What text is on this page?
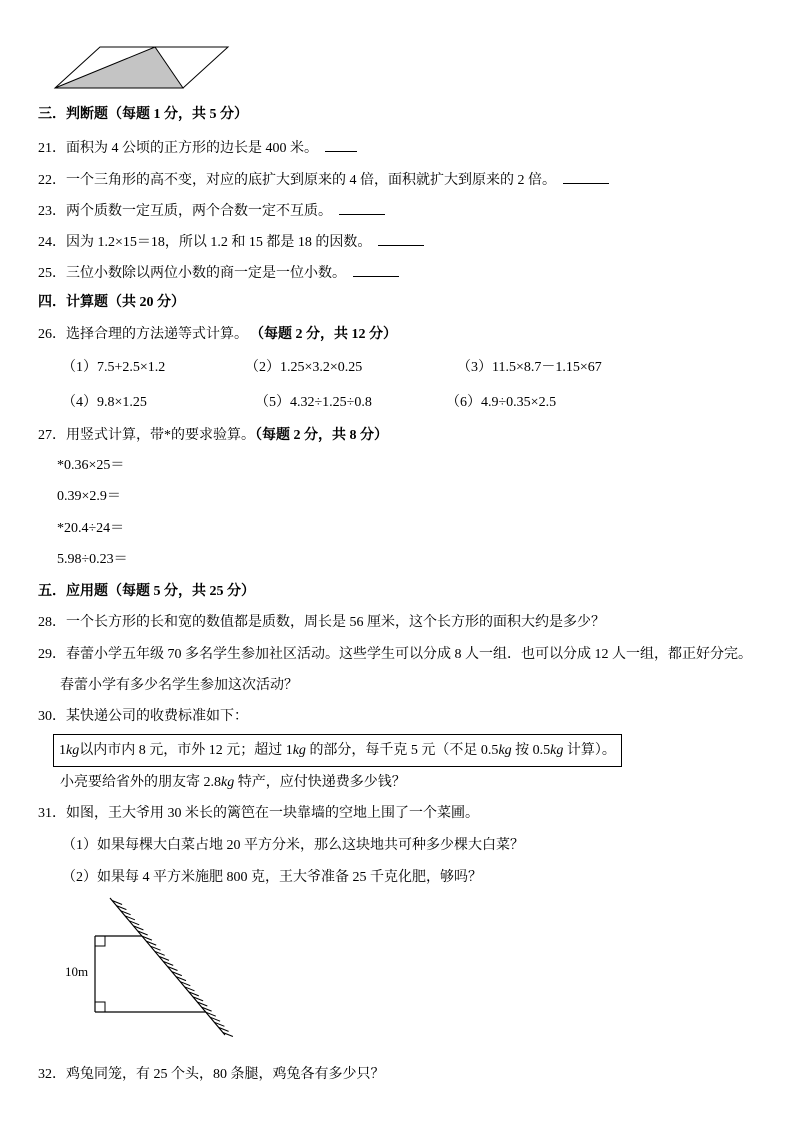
三．判断题（每题 1 分，共 5 分）
21．面积为 4 公顷的正方形的边长是 400 米。
22．一个三角形的高不变，对应的底扩大到原来的 4 倍，面积就扩大到原来的 2 倍。
23．两个质数一定互质，两个合数一定不互质。
24．因为 1.2×15＝18，所以 1.2 和 15 都是 18 的因数。
25．三位小数除以两位小数的商一定是一位小数。
四．计算题（共 20 分）
26．选择合理的方法递等式计算。 （每题 2 分，共 12 分）
（1）7.5+2.5×1.2	（2）1.25×3.2×0.25	（3）11.5×8.7－1.15×67
（4）9.8×1.25	（5）4.32÷1.25÷0.8	（6）4.9÷0.35×2.5
27．用竖式计算，带*的要求验算。（每题 2 分，共 8 分）
*0.36×25＝
0.39×2.9＝
*20.4÷24＝
5.98÷0.23＝
五．应用题（每题 5 分，共 25 分）
28．一个长方形的长和宽的数值都是质数，周长是 56 厘米，这个长方形的面积大约是多少？
29．春蕾小学五年级 70 多名学生参加社区活动。这些学生可以分成 8 人一组．也可以分成 12 人一组，都正好分完。
春蕾小学有多少名学生参加这次活动？
30．某快递公司的收费标准如下：
1kg以内市内 8 元，市外 12 元；超过 1kg 的部分，每千克 5 元（不足 0.5kg 按 0.5kg 计算）。
小亮要给省外的朋友寄 2.8kg 特产，应付快递费多少钱？
31．如图，王大爷用 30 米长的篱笆在一块靠墙的空地上围了一个菜圃。
（1）如果每棵大白菜占地 20 平方分米，那么这块地共可种多少棵大白菜？
（2）如果每 4 平方米施肥 800 克，王大爷准备 25 千克化肥，够吗？
10m
32．鸡兔同笼，有 25 个头，80 条腿，鸡兔各有多少只？
